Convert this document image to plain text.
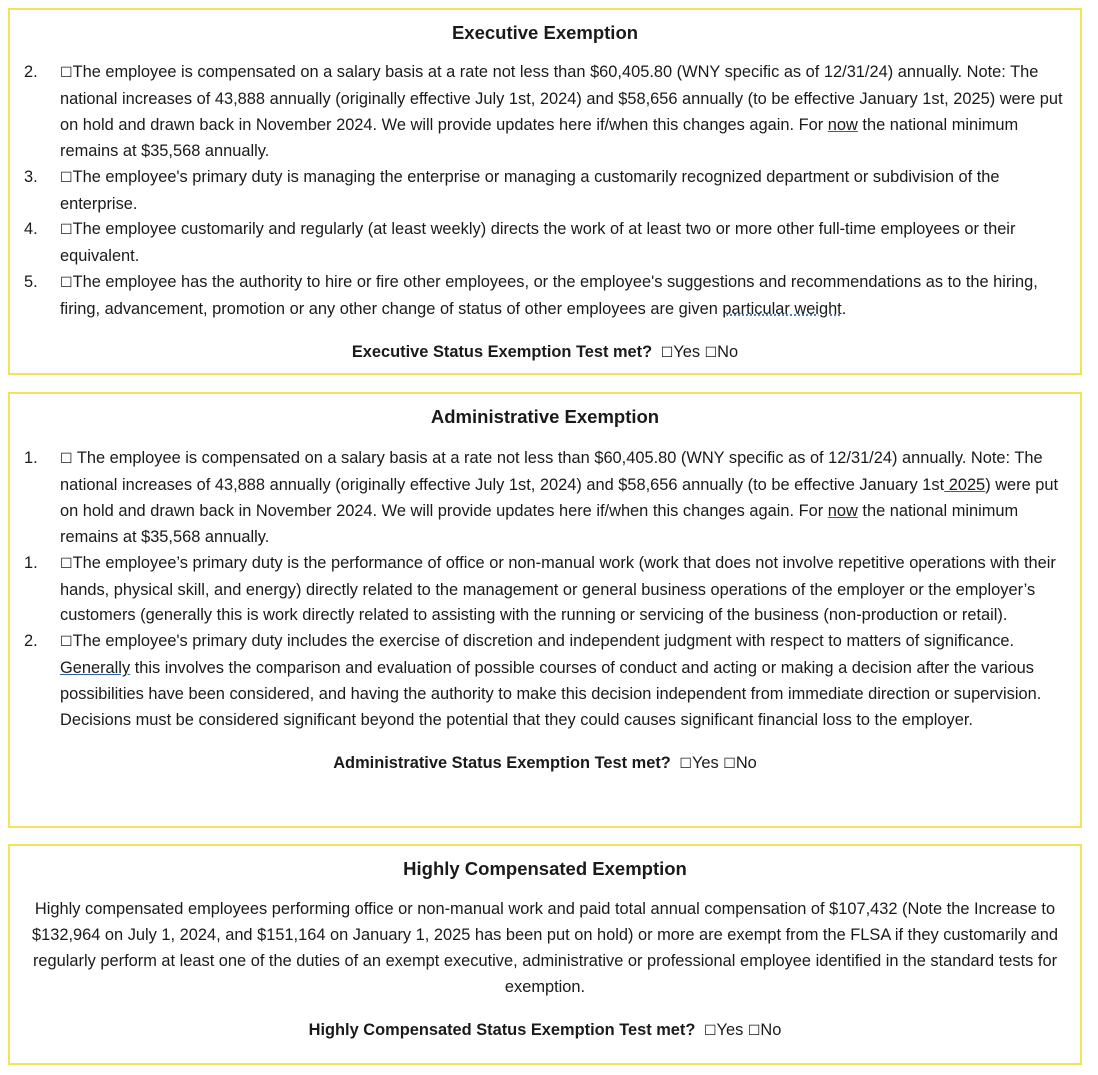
Executive Exemption
2. ☐The employee is compensated on a salary basis at a rate not less than $60,405.80 (WNY specific as of 12/31/24) annually. Note: The national increases of 43,888 annually (originally effective July 1st, 2024) and $58,656 annually (to be effective January 1st, 2025) were put on hold and drawn back in November 2024. We will provide updates here if/when this changes again. For now the national minimum remains at $35,568 annually.
3. ☐The employee's primary duty is managing the enterprise or managing a customarily recognized department or subdivision of the enterprise.
4. ☐The employee customarily and regularly (at least weekly) directs the work of at least two or more other full-time employees or their equivalent.
5. ☐The employee has the authority to hire or fire other employees, or the employee's suggestions and recommendations as to the hiring, firing, advancement, promotion or any other change of status of other employees are given particular weight.
Executive Status Exemption Test met? ☐Yes ☐No
Administrative Exemption
1. ☐ The employee is compensated on a salary basis at a rate not less than $60,405.80 (WNY specific as of 12/31/24) annually. Note: The national increases of 43,888 annually (originally effective July 1st, 2024) and $58,656 annually (to be effective January 1st 2025) were put on hold and drawn back in November 2024. We will provide updates here if/when this changes again. For now the national minimum remains at $35,568 annually.
1. ☐The employee’s primary duty is the performance of office or non-manual work (work that does not involve repetitive operations with their hands, physical skill, and energy) directly related to the management or general business operations of the employer or the employer’s customers (generally this is work directly related to assisting with the running or servicing of the business (non-production or retail).
2. ☐The employee's primary duty includes the exercise of discretion and independent judgment with respect to matters of significance. Generally this involves the comparison and evaluation of possible courses of conduct and acting or making a decision after the various possibilities have been considered, and having the authority to make this decision independent from immediate direction or supervision. Decisions must be considered significant beyond the potential that they could causes significant financial loss to the employer.
Administrative Status Exemption Test met? ☐Yes ☐No
Highly Compensated Exemption
Highly compensated employees performing office or non-manual work and paid total annual compensation of $107,432 (Note the Increase to $132,964 on July 1, 2024, and $151,164 on January 1, 2025 has been put on hold) or more are exempt from the FLSA if they customarily and regularly perform at least one of the duties of an exempt executive, administrative or professional employee identified in the standard tests for exemption.
Highly Compensated Status Exemption Test met? ☐Yes ☐No
